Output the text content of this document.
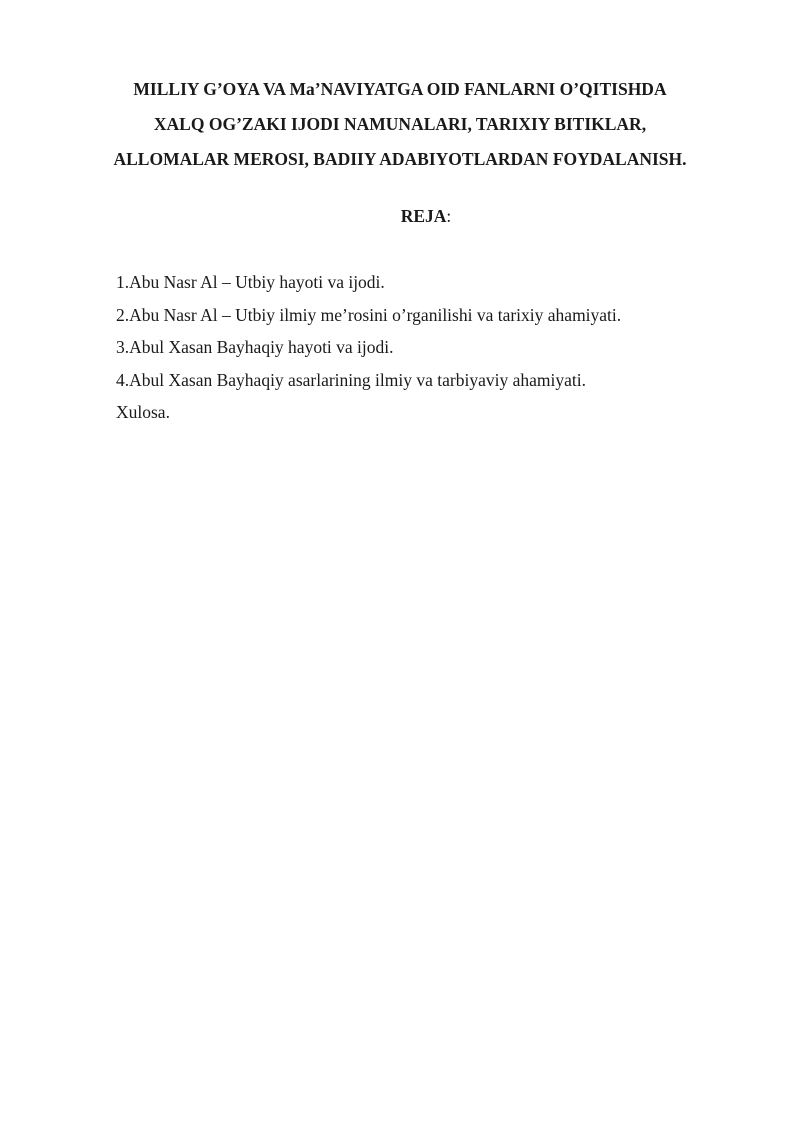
MILLIY G’OYA VA Ma’NAVIYATGA OID FANLARNI O’QITISHDA
XALQ OG’ZAKI IJODI NAMUNALARI, TARIXIY BITIKLAR,
ALLOMALAR MEROSI, BADIIY ADABIYOTLARDAN FOYDALANISH.

REJA:

1.Abu Nasr Al – Utbiy hayoti va ijodi.
2.Abu Nasr Al – Utbiy ilmiy me’rosini o’rganilishi va tarixiy ahamiyati.
3.Abul Xasan Bayhaqiy hayoti va ijodi.
4.Abul Xasan Bayhaqiy asarlarining ilmiy va tarbiyaviy ahamiyati.
Xulosa.
